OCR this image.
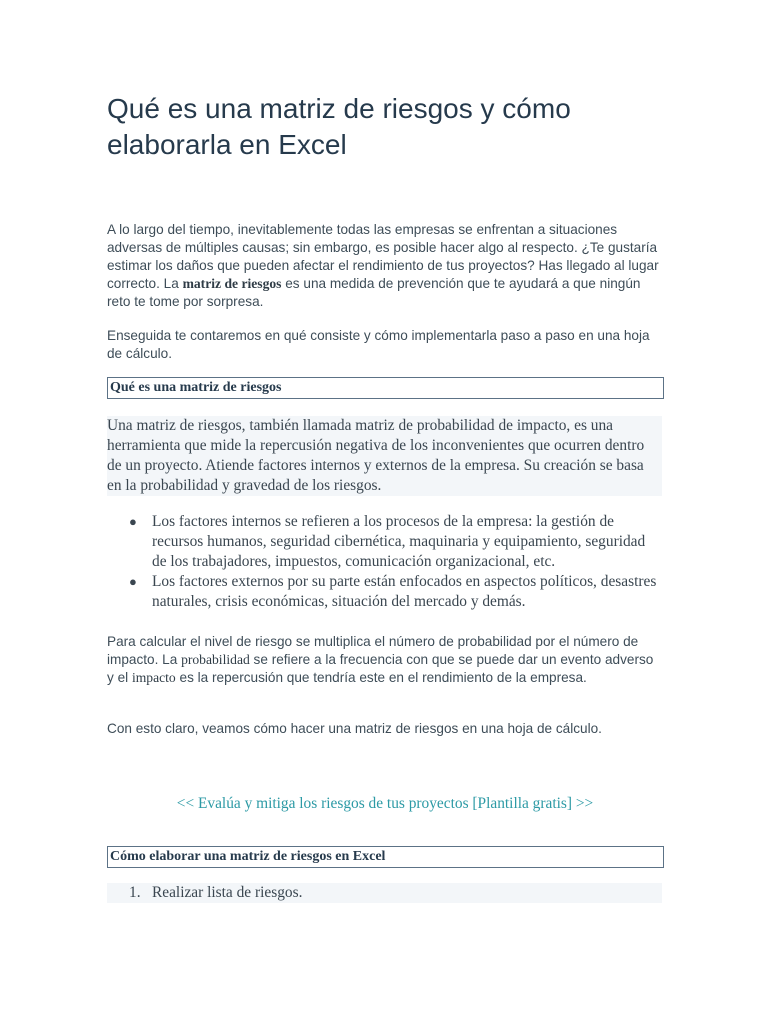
Qué es una matriz de riesgos y cómo elaborarla en Excel

A lo largo del tiempo, inevitablemente todas las empresas se enfrentan a situaciones adversas de múltiples causas; sin embargo, es posible hacer algo al respecto. ¿Te gustaría estimar los daños que pueden afectar el rendimiento de tus proyectos? Has llegado al lugar correcto. La matriz de riesgos es una medida de prevención que te ayudará a que ningún reto te tome por sorpresa.

Enseguida te contaremos en qué consiste y cómo implementarla paso a paso en una hoja de cálculo.

Qué es una matriz de riesgos
Una matriz de riesgos, también llamada matriz de probabilidad de impacto, es una herramienta que mide la repercusión negativa de los inconvenientes que ocurren dentro de un proyecto. Atiende factores internos y externos de la empresa. Su creación se basa en la probabilidad y gravedad de los riesgos.
● Los factores internos se refieren a los procesos de la empresa: la gestión de recursos humanos, seguridad cibernética, maquinaria y equipamiento, seguridad de los trabajadores, impuestos, comunicación organizacional, etc.
● Los factores externos por su parte están enfocados en aspectos políticos, desastres naturales, crisis económicas, situación del mercado y demás.

Para calcular el nivel de riesgo se multiplica el número de probabilidad por el número de impacto. La probabilidad se refiere a la frecuencia con que se puede dar un evento adverso y el impacto es la repercusión que tendría este en el rendimiento de la empresa.

Con esto claro, veamos cómo hacer una matriz de riesgos en una hoja de cálculo.

<< Evalúa y mitiga los riesgos de tus proyectos [Plantilla gratis] >>
Cómo elaborar una matriz de riesgos en Excel
1. Realizar lista de riesgos.
